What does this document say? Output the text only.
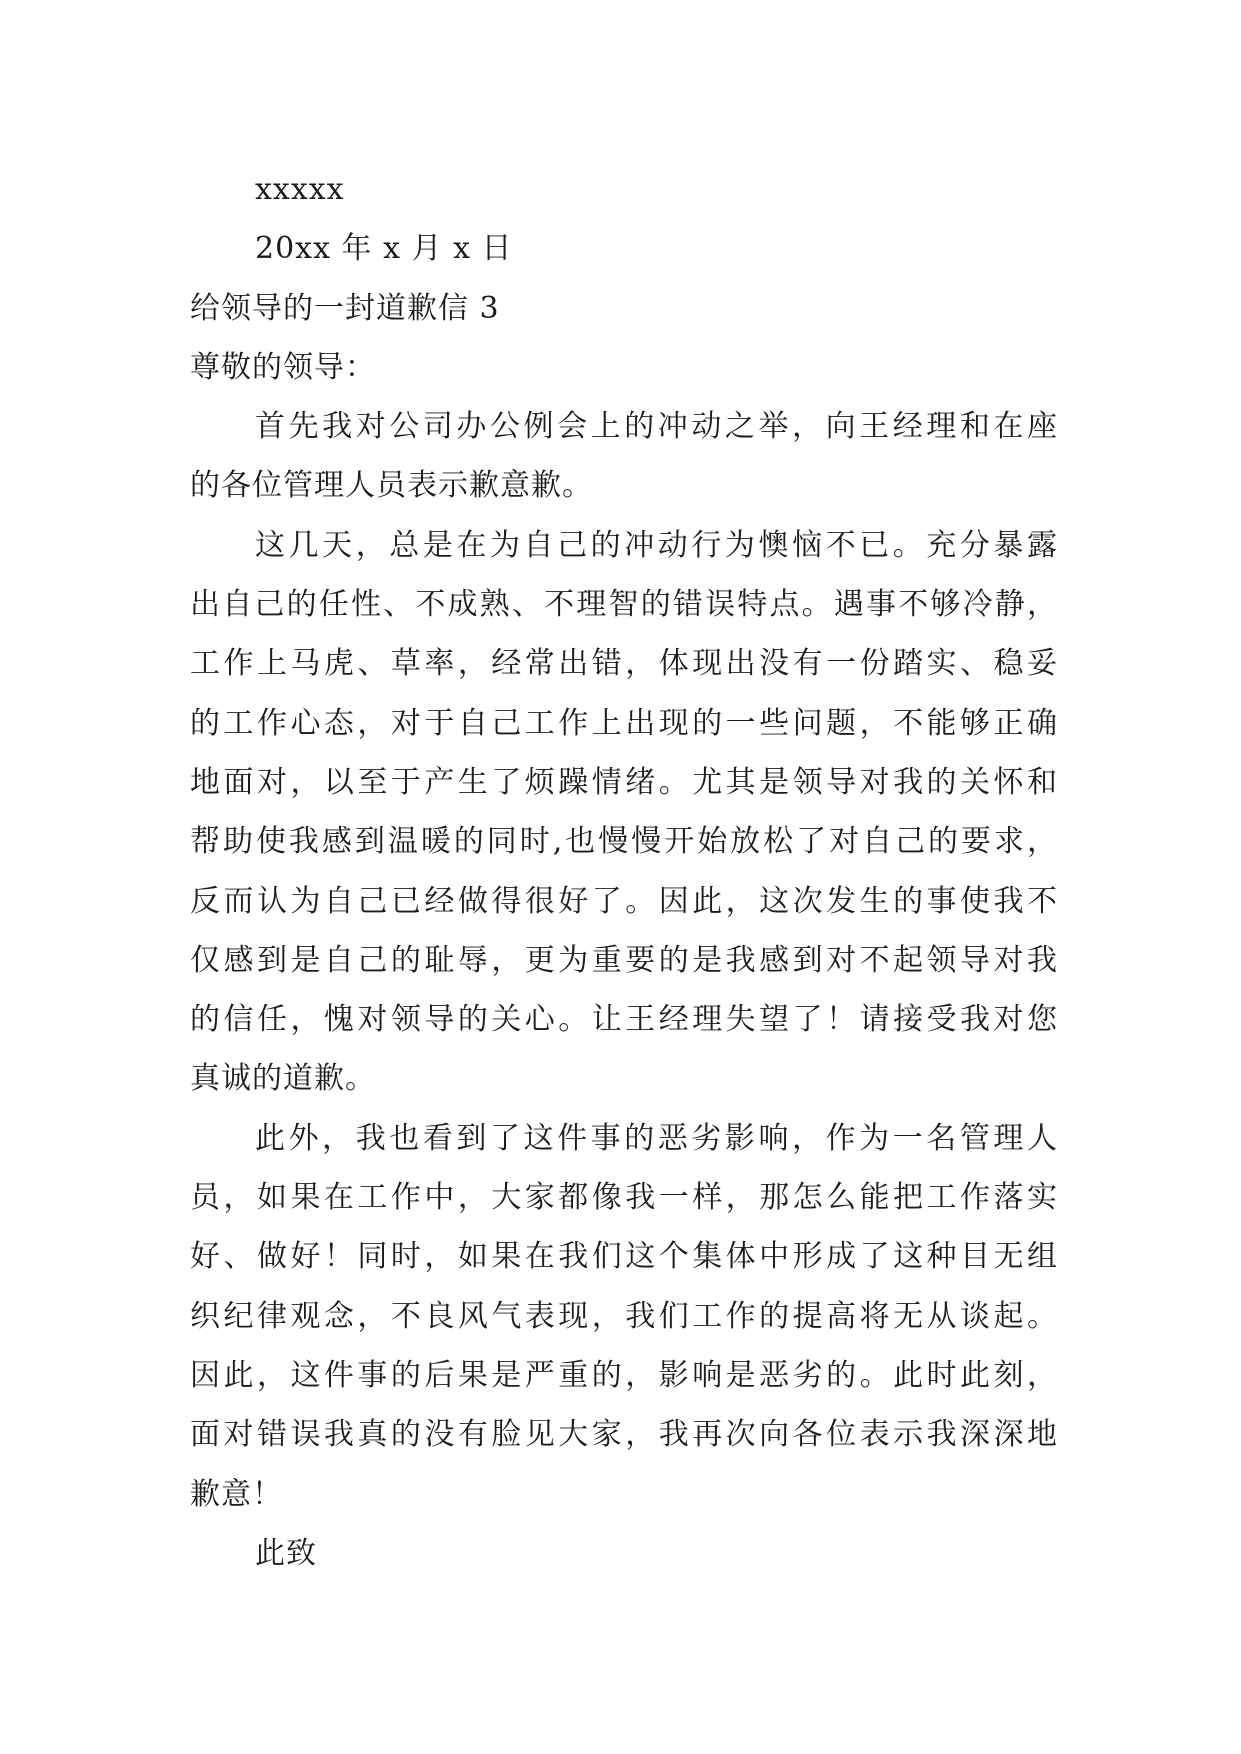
xxxxx
20xx 年 x 月 x 日
给领导的一封道歉信 3
尊敬的领导：
首先我对公司办公例会上的冲动之举，向王经理和在座
的各位管理人员表示歉意歉。
这几天，总是在为自己的冲动行为懊恼不已。充分暴露
出自己的任性、不成熟、不理智的错误特点。遇事不够冷静，
工作上马虎、草率，经常出错，体现出没有一份踏实、稳妥
的工作心态，对于自己工作上出现的一些问题，不能够正确
地面对，以至于产生了烦躁情绪。尤其是领导对我的关怀和
帮助使我感到温暖的同时,也慢慢开始放松了对自己的要求，
反而认为自己已经做得很好了。因此，这次发生的事使我不
仅感到是自己的耻辱，更为重要的是我感到对不起领导对我
的信任，愧对领导的关心。让王经理失望了！请接受我对您
真诚的道歉。
此外，我也看到了这件事的恶劣影响，作为一名管理人
员，如果在工作中，大家都像我一样，那怎么能把工作落实
好、做好！同时，如果在我们这个集体中形成了这种目无组
织纪律观念，不良风气表现，我们工作的提高将无从谈起。
因此，这件事的后果是严重的，影响是恶劣的。此时此刻，
面对错误我真的没有脸见大家，我再次向各位表示我深深地
歉意！
此致
